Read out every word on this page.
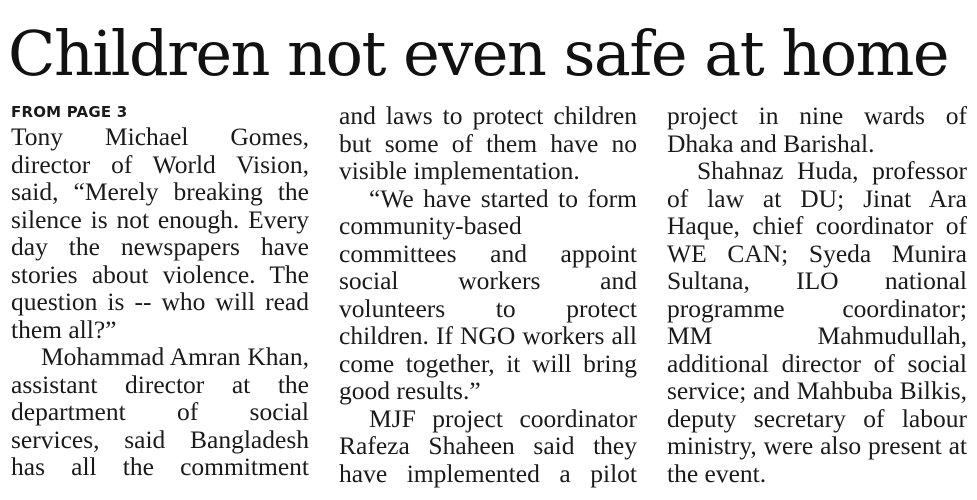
Children not even safe at home
FROM PAGE 3

Tony Michael Gomes, director of World Vision, said, “Merely breaking the silence is not enough. Every day the newspapers have stories about violence. The question is -- who will read them all?”

Mohammad Amran Khan, assistant director at the department of social services, said Bangladesh has all the commitment

and laws to protect children but some of them have no visible implementation.

“We have started to form community-based committees and appoint social workers and volunteers to protect children. If NGO workers all come together, it will bring good results.”

MJF project coordinator Rafeza Shaheen said they have implemented a pilot

project in nine wards of Dhaka and Barishal.

Shahnaz Huda, professor of law at DU; Jinat Ara Haque, chief coordinator of WE CAN; Syeda Munira Sultana, ILO national programme coordinator; MM Mahmudullah, additional director of social service; and Mahbuba Bilkis, deputy secretary of labour ministry, were also present at the event.
